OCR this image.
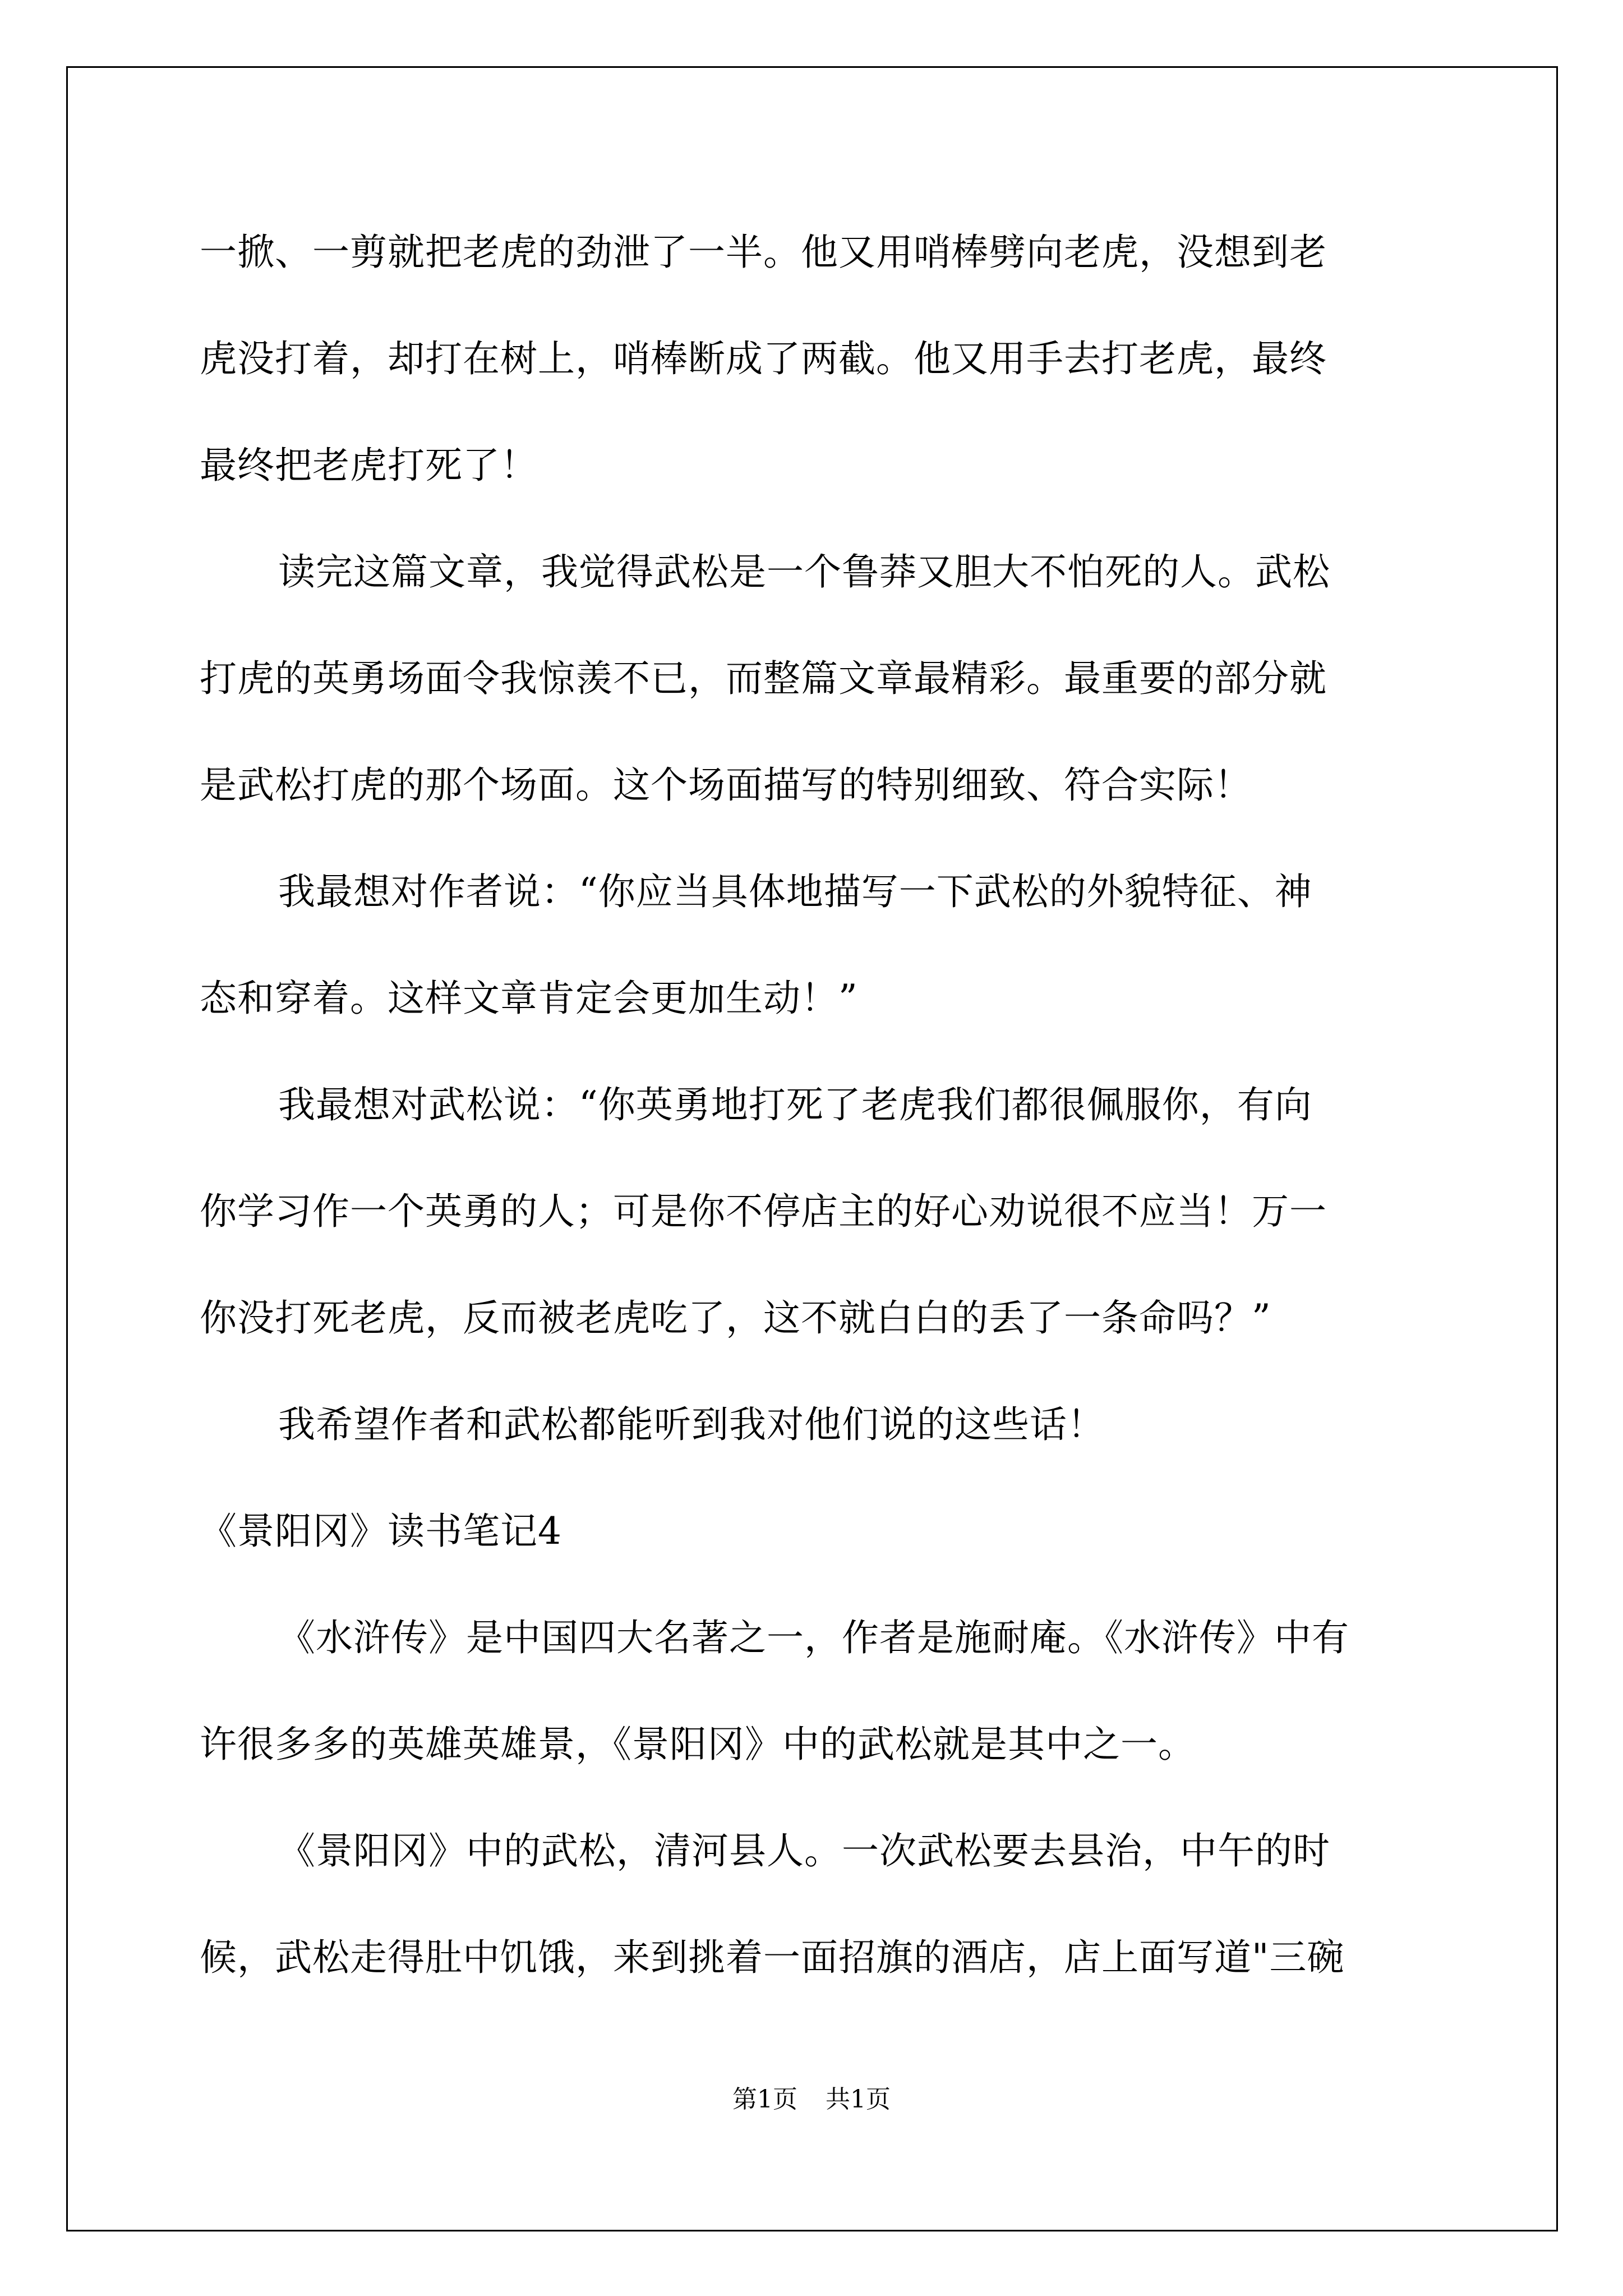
一掀、一剪就把老虎的劲泄了一半。他又用哨棒劈向老虎，没想到老
虎没打着，却打在树上，哨棒断成了两截。他又用手去打老虎，最终
最终把老虎打死了！
读完这篇文章，我觉得武松是一个鲁莽又胆大不怕死的人。武松
打虎的英勇场面令我惊羡不已，而整篇文章最精彩。最重要的部分就
是武松打虎的那个场面。这个场面描写的特别细致、符合实际！
我最想对作者说：“你应当具体地描写一下武松的外貌特征、神
态和穿着。这样文章肯定会更加生动！”
我最想对武松说：“你英勇地打死了老虎我们都很佩服你，有向
你学习作一个英勇的人；可是你不停店主的好心劝说很不应当！万一
你没打死老虎，反而被老虎吃了，这不就白白的丢了一条命吗？”
我希望作者和武松都能听到我对他们说的这些话！
《景阳冈》读书笔记4
《水浒传》是中国四大名著之一，作者是施耐庵。《水浒传》中有
许很多多的英雄英雄景，《景阳冈》中的武松就是其中之一。
《景阳冈》中的武松，清河县人。一次武松要去县治，中午的时
候，武松走得肚中饥饿，来到挑着一面招旗的酒店，店上面写道"三碗
第1页 共1页
